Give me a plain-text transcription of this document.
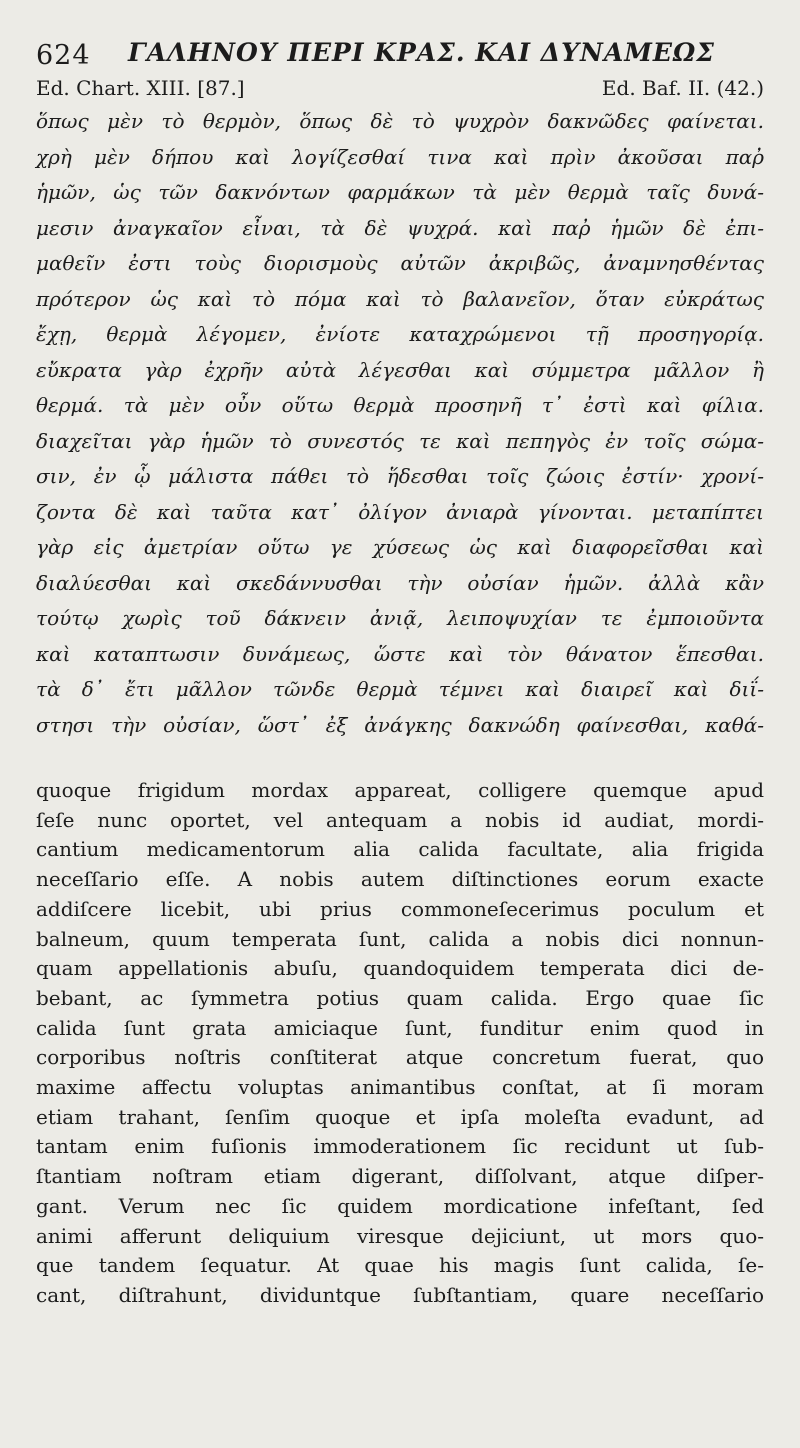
624 ΓΑΛΗΝΟΥ ΠΕΡΙ ΚΡΑΣ. ΚΑΙ ΔΥΝΑΜΕΩΣ
Ed. Chart. XIII. [87.]	Ed. Baf. II. (42.)
ὅπως μὲν τὸ θερμὸν, ὅπως δὲ τὸ ψυχρὸν δακνῶδες φαίνεται.
χρὴ μὲν δήπου καὶ λογίζεσθαί τινα καὶ πρὶν ἀκοῦσαι παῤ
ἡμῶν, ὡς τῶν δακνόντων φαρμάκων τὰ μὲν θερμὰ ταῖς δυνά-
μεσιν ἀναγκαῖον εἶναι, τὰ δὲ ψυχρά. καὶ παῤ ἡμῶν δὲ ἐπι-
μαθεῖν ἐστι τοὺς διορισμοὺς αὐτῶν ἀκριβῶς, ἀναμνησθέντας
πρότερον ὡς καὶ τὸ πόμα καὶ τὸ βαλανεῖον, ὅταν εὐκράτως
ἔχῃ, θερμὰ λέγομεν, ἐνίοτε καταχρώμενοι τῇ προσηγορίᾳ.
εὔκρατα γὰρ ἐχρῆν αὐτὰ λέγεσθαι καὶ σύμμετρα μᾶλλον ἢ
θερμά. τὰ μὲν οὖν οὕτω θερμὰ προσηνῆ τ᾿ ἐστὶ καὶ φίλια.
διαχεῖται γὰρ ἡμῶν τὸ συνεστός τε καὶ πεπηγὸς ἐν τοῖς σώμα-
σιν, ἐν ᾧ μάλιστα πάθει τὸ ἥδεσθαι τοῖς ζώοις ἐστίν· χρονί-
ζοντα δὲ καὶ ταῦτα κατ᾿ ὀλίγον ἀνιαρὰ γίνονται. μεταπίπτει
γὰρ εἰς ἀμετρίαν οὕτω γε χύσεως ὡς καὶ διαφορεῖσθαι καὶ
διαλύεσθαι καὶ σκεδάννυσθαι τὴν οὐσίαν ἡμῶν. ἀλλὰ κἂν
τούτῳ χωρὶς τοῦ δάκνειν ἀνιᾷ, λειποψυχίαν τε ἐμποιοῦντα
καὶ καταπτωσιν δυνάμεως, ὥστε καὶ τὸν θάνατον ἕπεσθαι.
τὰ δ᾿ ἔτι μᾶλλον τῶνδε θερμὰ τέμνει καὶ διαιρεῖ καὶ διΐ-
στησι τὴν οὐσίαν, ὥστ᾿ ἐξ ἀνάγκης δακνώδη φαίνεσθαι, καθά-
quoque frigidum mordax appareat, colligere quemque apud
ſeſe nunc oportet, vel antequam a nobis id audiat, mordi-
cantium medicamentorum alia calida facultate, alia frigida
neceſſario eſſe. A nobis autem diſtinctiones eorum exacte
addiſcere licebit, ubi prius commoneſecerimus poculum et
balneum, quum temperata ſunt, calida a nobis dici nonnun-
quam appellationis abuſu, quandoquidem temperata dici de-
bebant, ac ſymmetra potius quam calida. Ergo quae ſic
calida ſunt grata amiciaque ſunt, funditur enim quod in
corporibus noſtris conſtiterat atque concretum fuerat, quo
maxime affectu voluptas animantibus conſtat, at ſi moram
etiam trahant, ſenſim quoque et ipſa moleſta evadunt, ad
tantam enim fuſionis immoderationem ſic recidunt ut ſub-
ſtantiam noſtram etiam digerant, diſſolvant, atque diſper-
gant. Verum nec ſic quidem mordicatione infeſtant, ſed
animi afferunt deliquium viresque dejiciunt, ut mors quo-
que tandem ſequatur. At quae his magis ſunt calida, ſe-
cant, diſtrahunt, dividuntque ſubſtantiam, quare neceſſario
